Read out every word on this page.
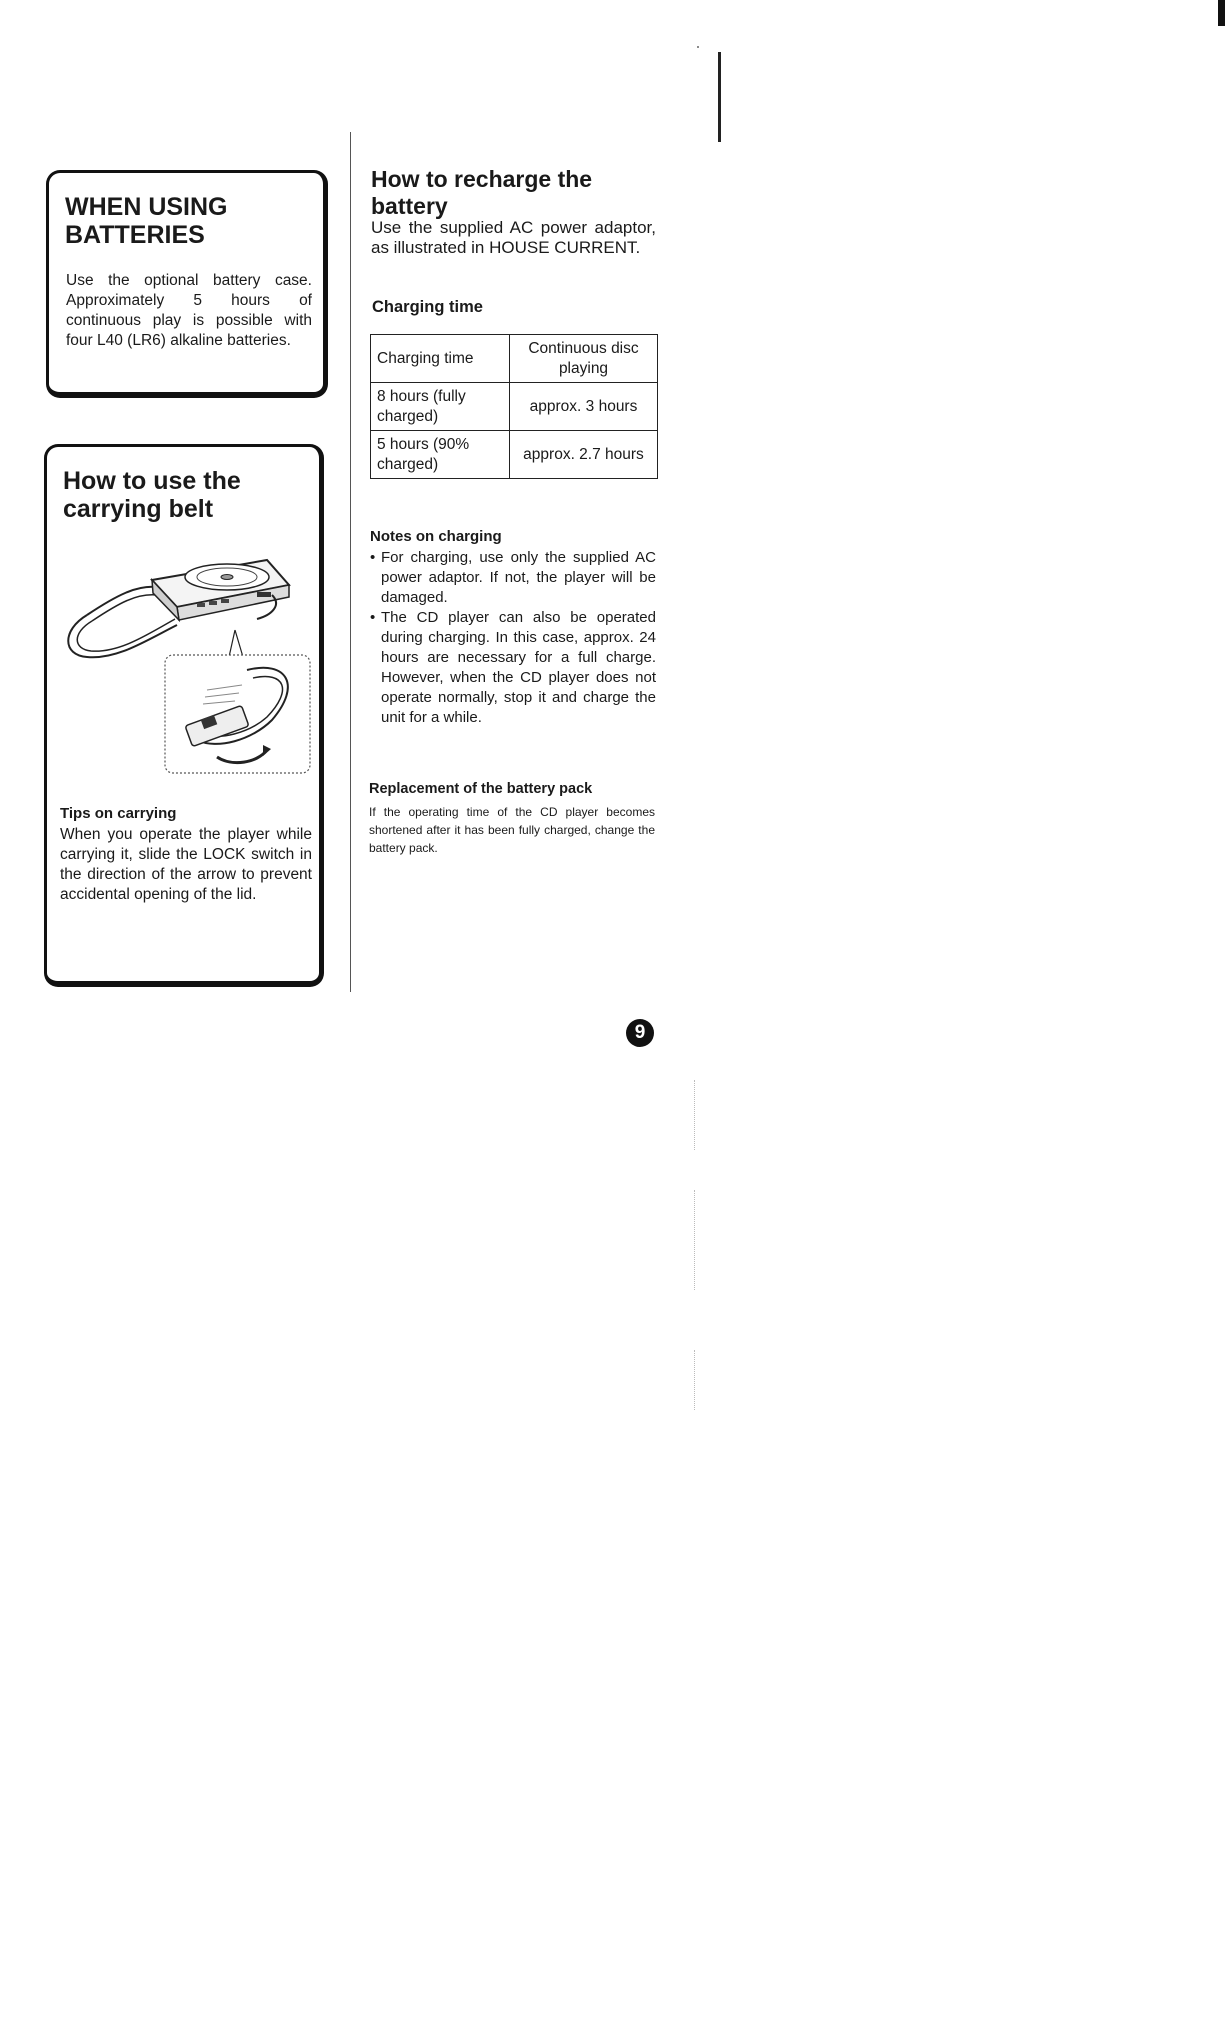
WHEN USING BATTERIES

Use the optional battery case. Approximately 5 hours of continuous play is possible with four L40 (LR6) alkaline batteries.

How to use the carrying belt

Tips on carrying

When you operate the player while carrying it, slide the LOCK switch in the direction of the arrow to prevent accidental opening of the lid.

How to recharge the battery

Use the supplied AC power adaptor, as illustrated in HOUSE CURRENT.

Charging time

Charging time	Continuous disc playing
8 hours (fully charged)	approx. 3 hours
5 hours (90% charged)	approx. 2.7 hours

Notes on charging

• For charging, use only the supplied AC power adaptor. If not, the player will be damaged.
• The CD player can also be operated during charging. In this case, approx. 24 hours are necessary for a full charge. However, when the CD player does not operate normally, stop it and charge the unit for a while.

Replacement of the battery pack

If the operating time of the CD player becomes shortened after it has been fully charged, change the battery pack.

9
